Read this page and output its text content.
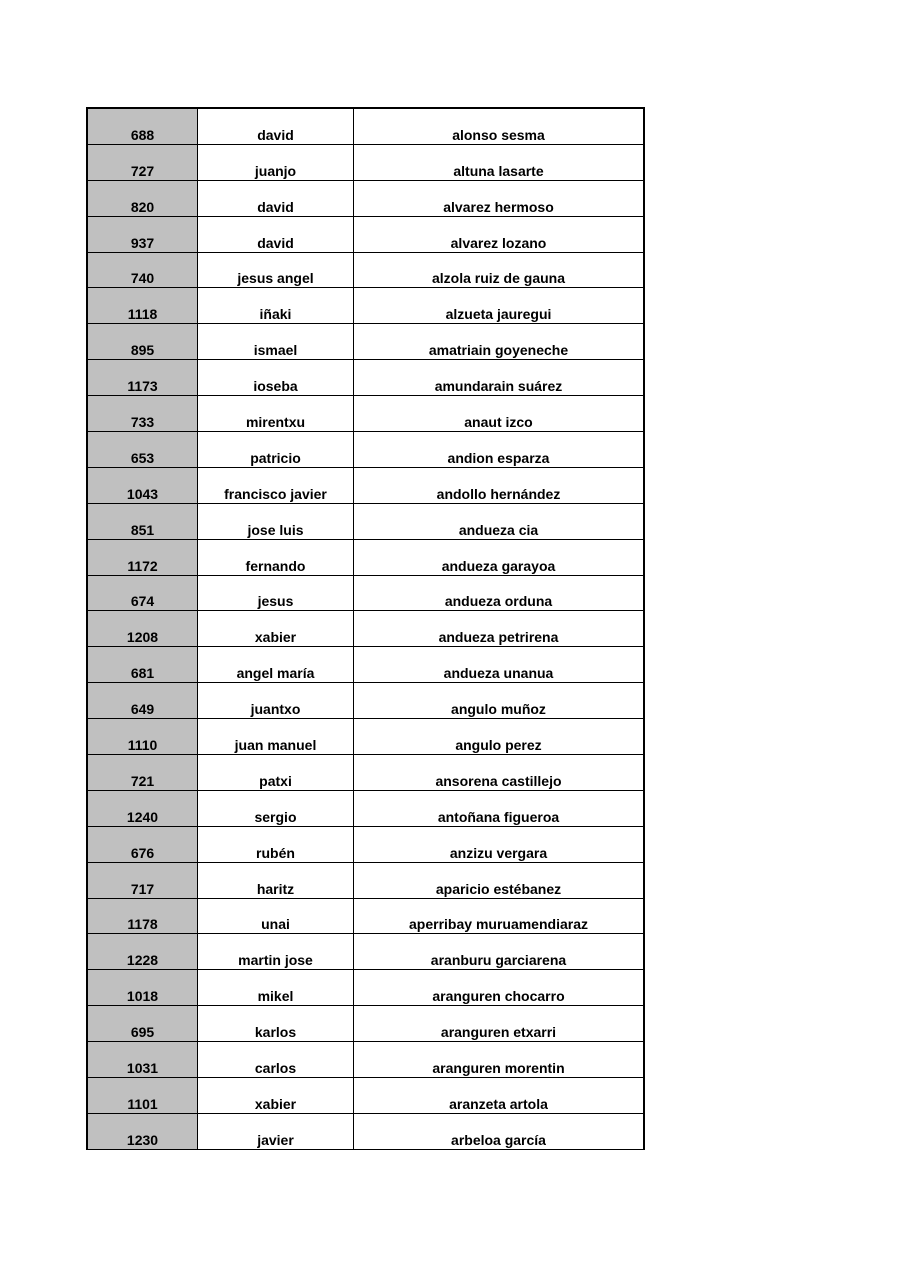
688	david	alonso sesma
727	juanjo	altuna lasarte
820	david	alvarez hermoso
937	david	alvarez lozano
740	jesus angel	alzola ruiz de gauna
1118	iñaki	alzueta jauregui
895	ismael	amatriain goyeneche
1173	ioseba	amundarain suárez
733	mirentxu	anaut izco
653	patricio	andion esparza
1043	francisco javier	andollo hernández
851	jose luis	andueza cia
1172	fernando	andueza garayoa
674	jesus	andueza orduna
1208	xabier	andueza petrirena
681	angel maría	andueza unanua
649	juantxo	angulo muñoz
1110	juan manuel	angulo perez
721	patxi	ansorena castillejo
1240	sergio	antoñana figueroa
676	rubén	anzizu vergara
717	haritz	aparicio estébanez
1178	unai	aperribay muruamendiaraz
1228	martin jose	aranburu garciarena
1018	mikel	aranguren chocarro
695	karlos	aranguren etxarri
1031	carlos	aranguren morentin
1101	xabier	aranzeta artola
1230	javier	arbeloa garcía
